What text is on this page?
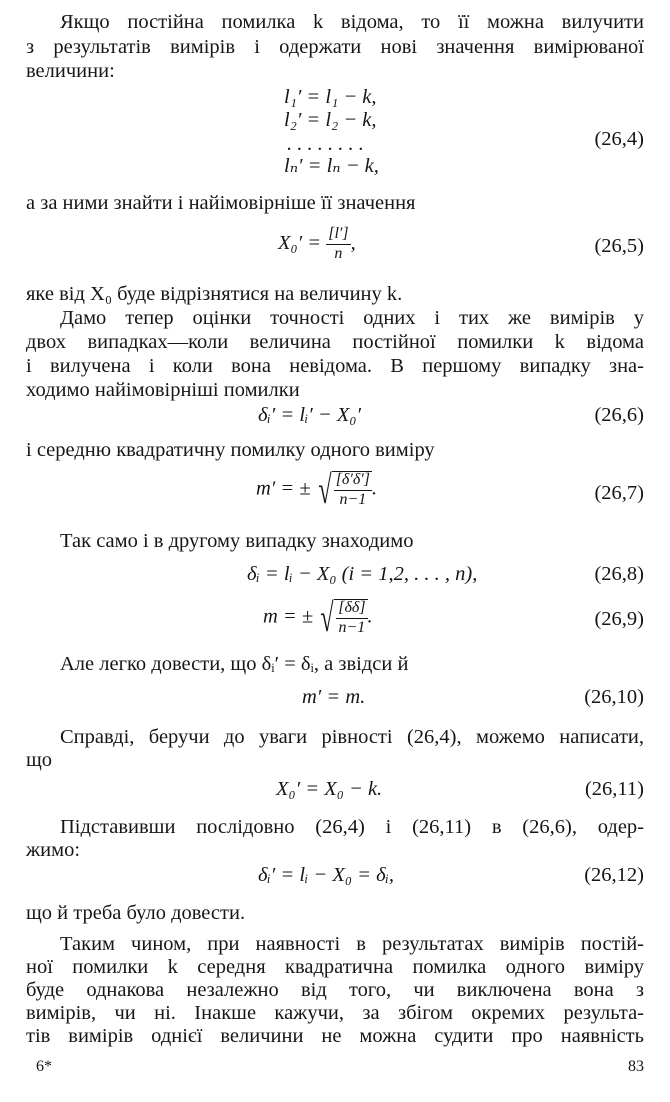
Якщо постійна помилка k відома, то її можна вилучити
з результатів вимірів і одержати нові значення вимірюваної
величини:
l₁′ = l₁ − k,
l₂′ = l₂ − k,
. . . . . . . .
lₙ′ = lₙ − k,
(26,4)
а за ними знайти і найімовірніше її значення
$X_0' = \frac{[l']}{n}$ ,	(26,5)
яке від X₀ буде відрізнятися на величину k.
Дамо тепер оцінки точності одних і тих же вимірів у
двох випадках—коли величина постійної помилки k відома
і вилучена і коли вона невідома. В першому випадку зна-
ходимо найімовірніші помилки
δᵢ′ = lᵢ′ − X₀′	(26,6)
і середню квадратичну помилку одного виміру
m′ = ± √ $\frac{[\delta'\delta']}{n-1}$ .	(26,7)
Так само і в другому випадку знаходимо
δᵢ = lᵢ − X₀ (i = 1,2, . . . , n),	(26,8)
m = ± √ $\frac{[\delta\delta]}{n-1}$ .	(26,9)
Але легко довести, що δᵢ′ = δᵢ, а звідси й
m′ = m.	(26,10)
Справді, беручи до уваги рівності (26,4), можемо написати,
що
X₀′ = X₀ − k.	(26,11)
Підставивши послідовно (26,4) і (26,11) в (26,6), одер-
жимо:
δᵢ′ = lᵢ − X₀ = δᵢ,	(26,12)
що й треба було довести.
Таким чином, при наявності в результатах вимірів постій-
ної помилки k середня квадратична помилка одного виміру
буде однакова незалежно від того, чи виключена вона з
вимірів, чи ні. Інакше кажучи, за збігом окремих результа-
тів вимірів однієї величини не можна судити про наявність
6*	83
